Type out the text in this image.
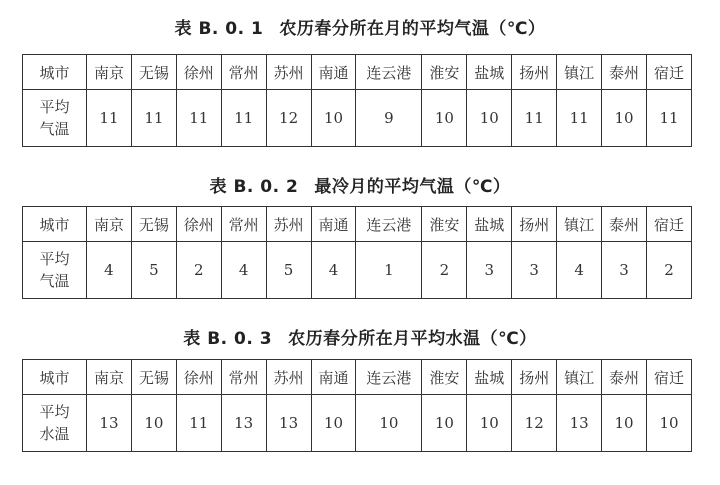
表 B. 0. 1 农历春分所在月的平均气温（℃）
城市	南京	无锡	徐州	常州	苏州	南通	连云港	淮安	盐城	扬州	镇江	泰州	宿迁

平均
气温	11	11	11	11	12	10	9	10	10	11	11	10	11
表 B. 0. 2 最冷月的平均气温（℃）
城市	南京	无锡	徐州	常州	苏州	南通	连云港	淮安	盐城	扬州	镇江	泰州	宿迁

平均
气温	4	5	2	4	5	4	1	2	3	3	4	3	2
表 B. 0. 3 农历春分所在月平均水温（℃）
城市	南京	无锡	徐州	常州	苏州	南通	连云港	淮安	盐城	扬州	镇江	泰州	宿迁

平均
水温	13	10	11	13	13	10	10	10	10	12	13	10	10
